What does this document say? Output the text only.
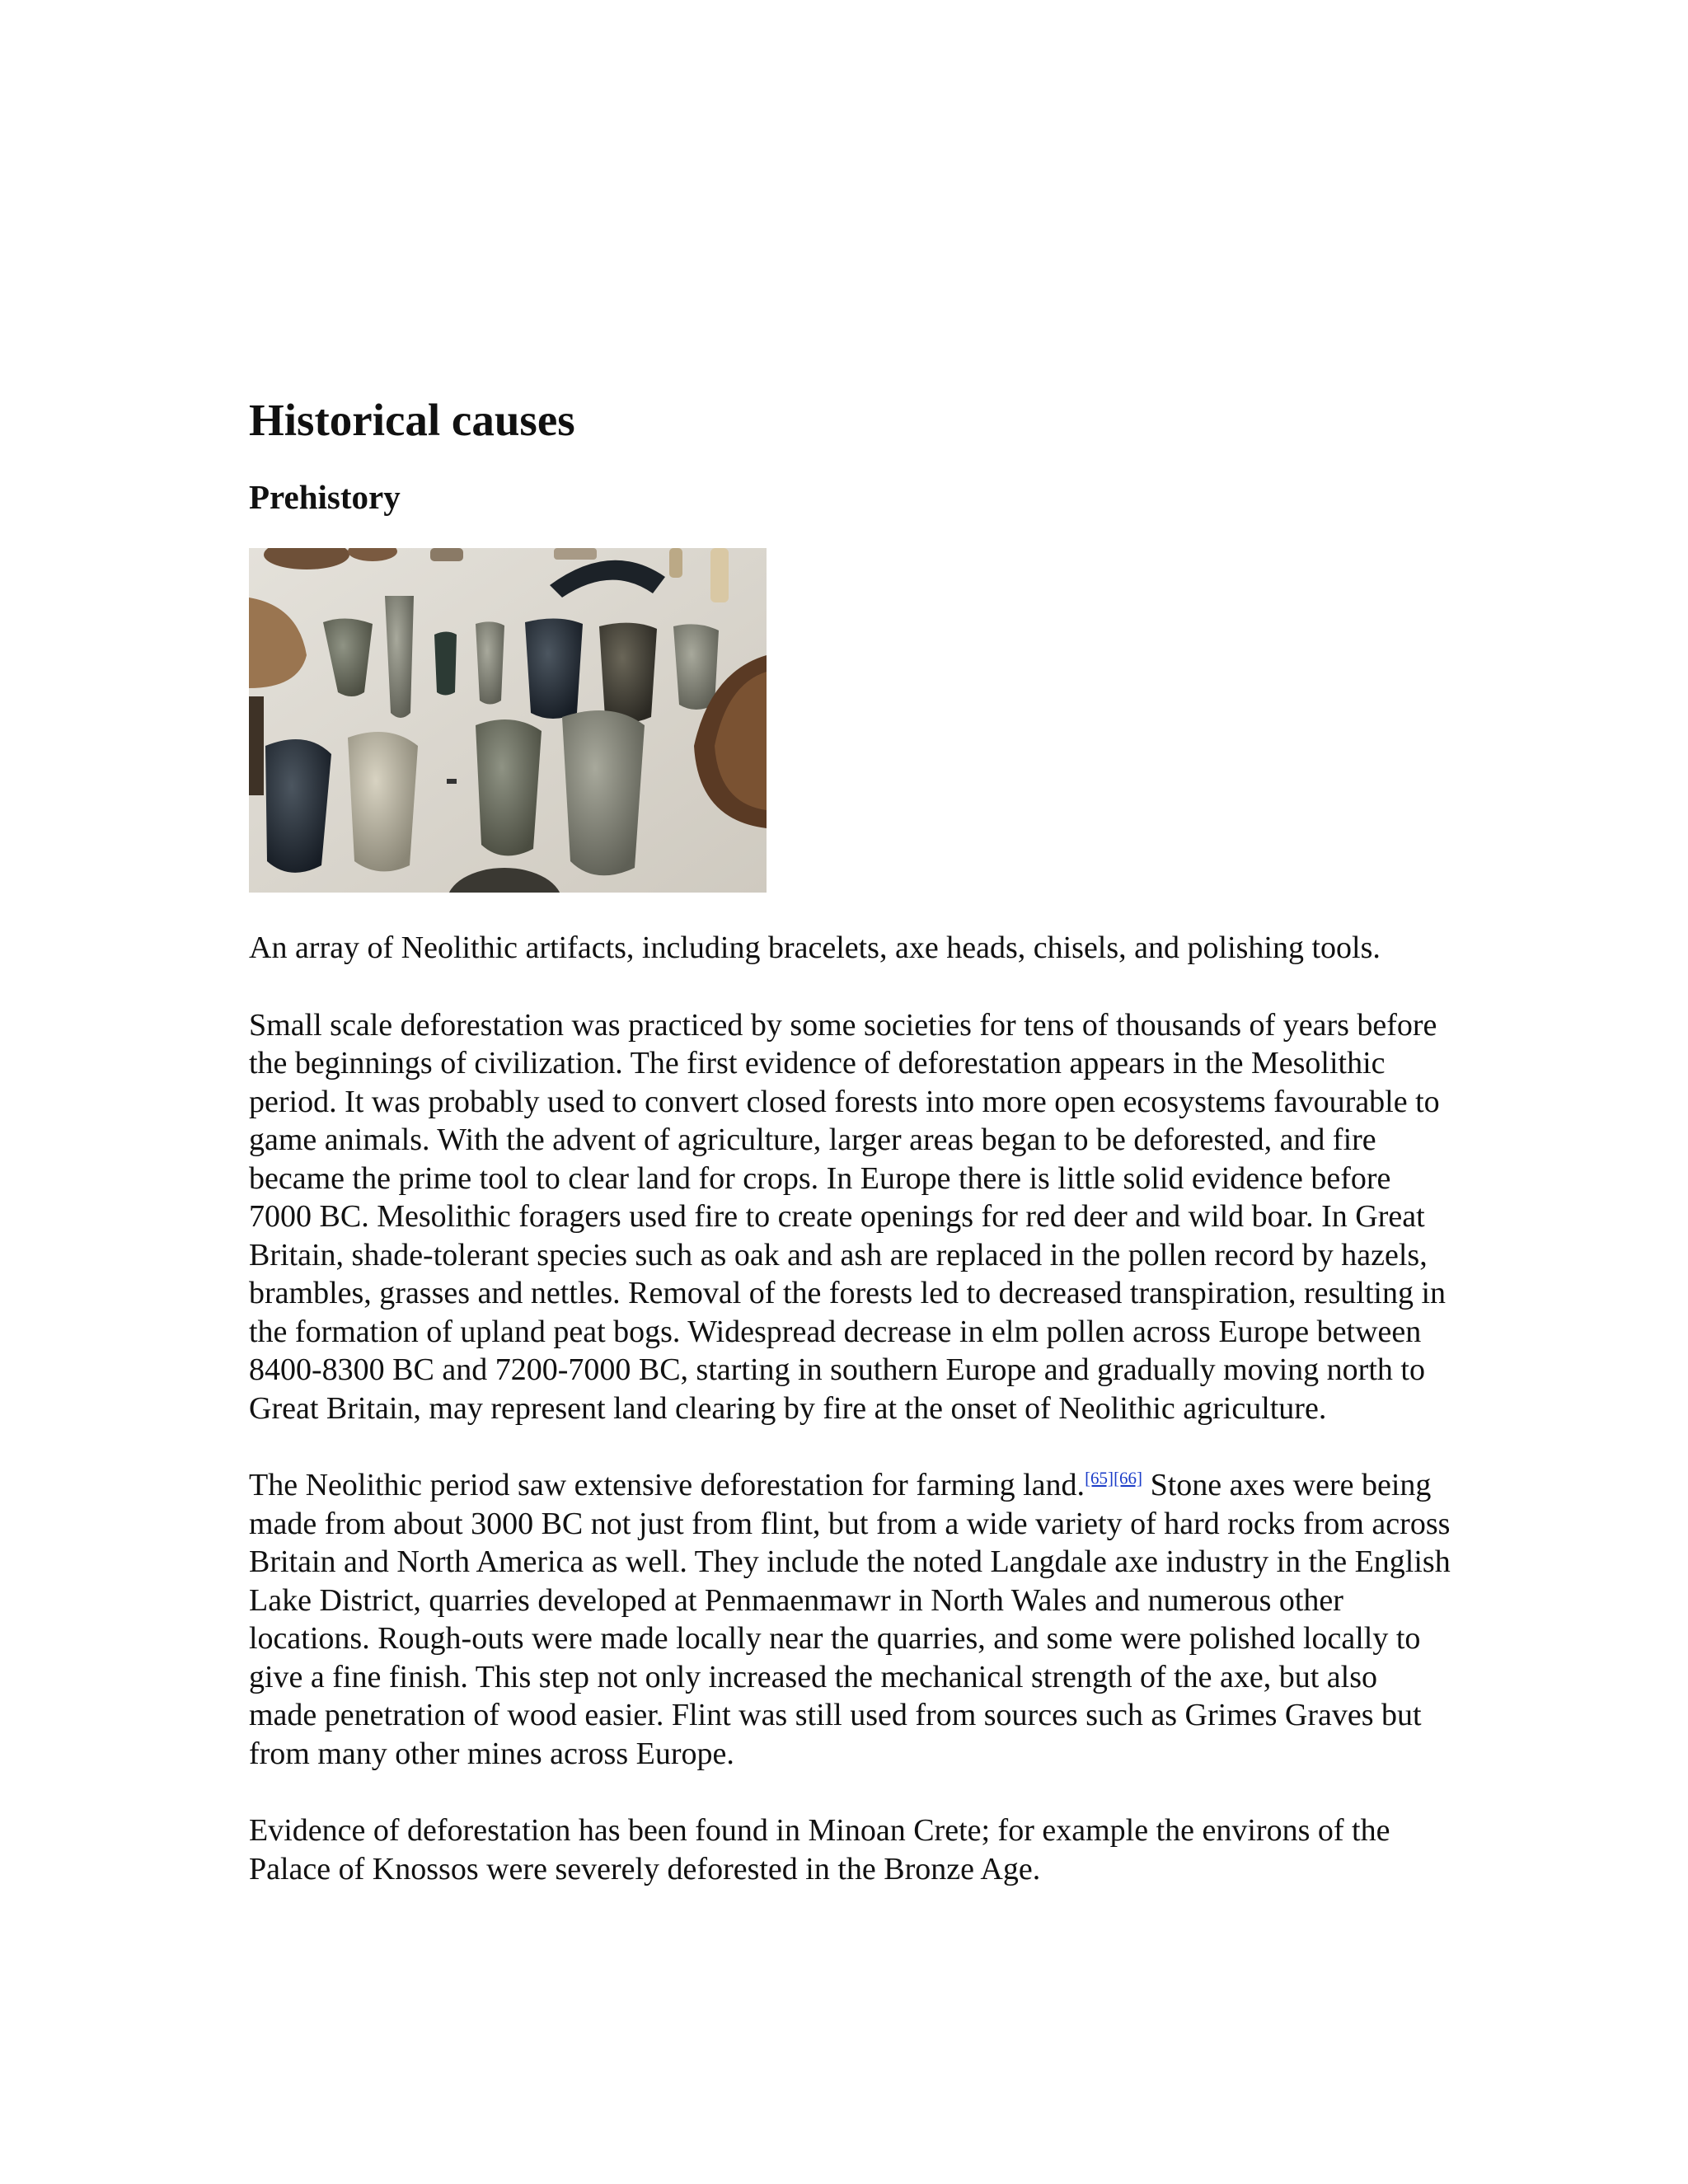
Historical causes
Prehistory

An array of Neolithic artifacts, including bracelets, axe heads, chisels, and polishing tools.

Small scale deforestation was practiced by some societies for tens of thousands of years before the beginnings of civilization. The first evidence of deforestation appears in the Mesolithic period. It was probably used to convert closed forests into more open ecosystems favourable to game animals. With the advent of agriculture, larger areas began to be deforested, and fire became the prime tool to clear land for crops. In Europe there is little solid evidence before 7000 BC. Mesolithic foragers used fire to create openings for red deer and wild boar. In Great Britain, shade-tolerant species such as oak and ash are replaced in the pollen record by hazels, brambles, grasses and nettles. Removal of the forests led to decreased transpiration, resulting in the formation of upland peat bogs. Widespread decrease in elm pollen across Europe between 8400-8300 BC and 7200-7000 BC, starting in southern Europe and gradually moving north to Great Britain, may represent land clearing by fire at the onset of Neolithic agriculture.

The Neolithic period saw extensive deforestation for farming land.[65][66] Stone axes were being made from about 3000 BC not just from flint, but from a wide variety of hard rocks from across Britain and North America as well. They include the noted Langdale axe industry in the English Lake District, quarries developed at Penmaenmawr in North Wales and numerous other locations. Rough-outs were made locally near the quarries, and some were polished locally to give a fine finish. This step not only increased the mechanical strength of the axe, but also made penetration of wood easier. Flint was still used from sources such as Grimes Graves but from many other mines across Europe.

Evidence of deforestation has been found in Minoan Crete; for example the environs of the Palace of Knossos were severely deforested in the Bronze Age.
